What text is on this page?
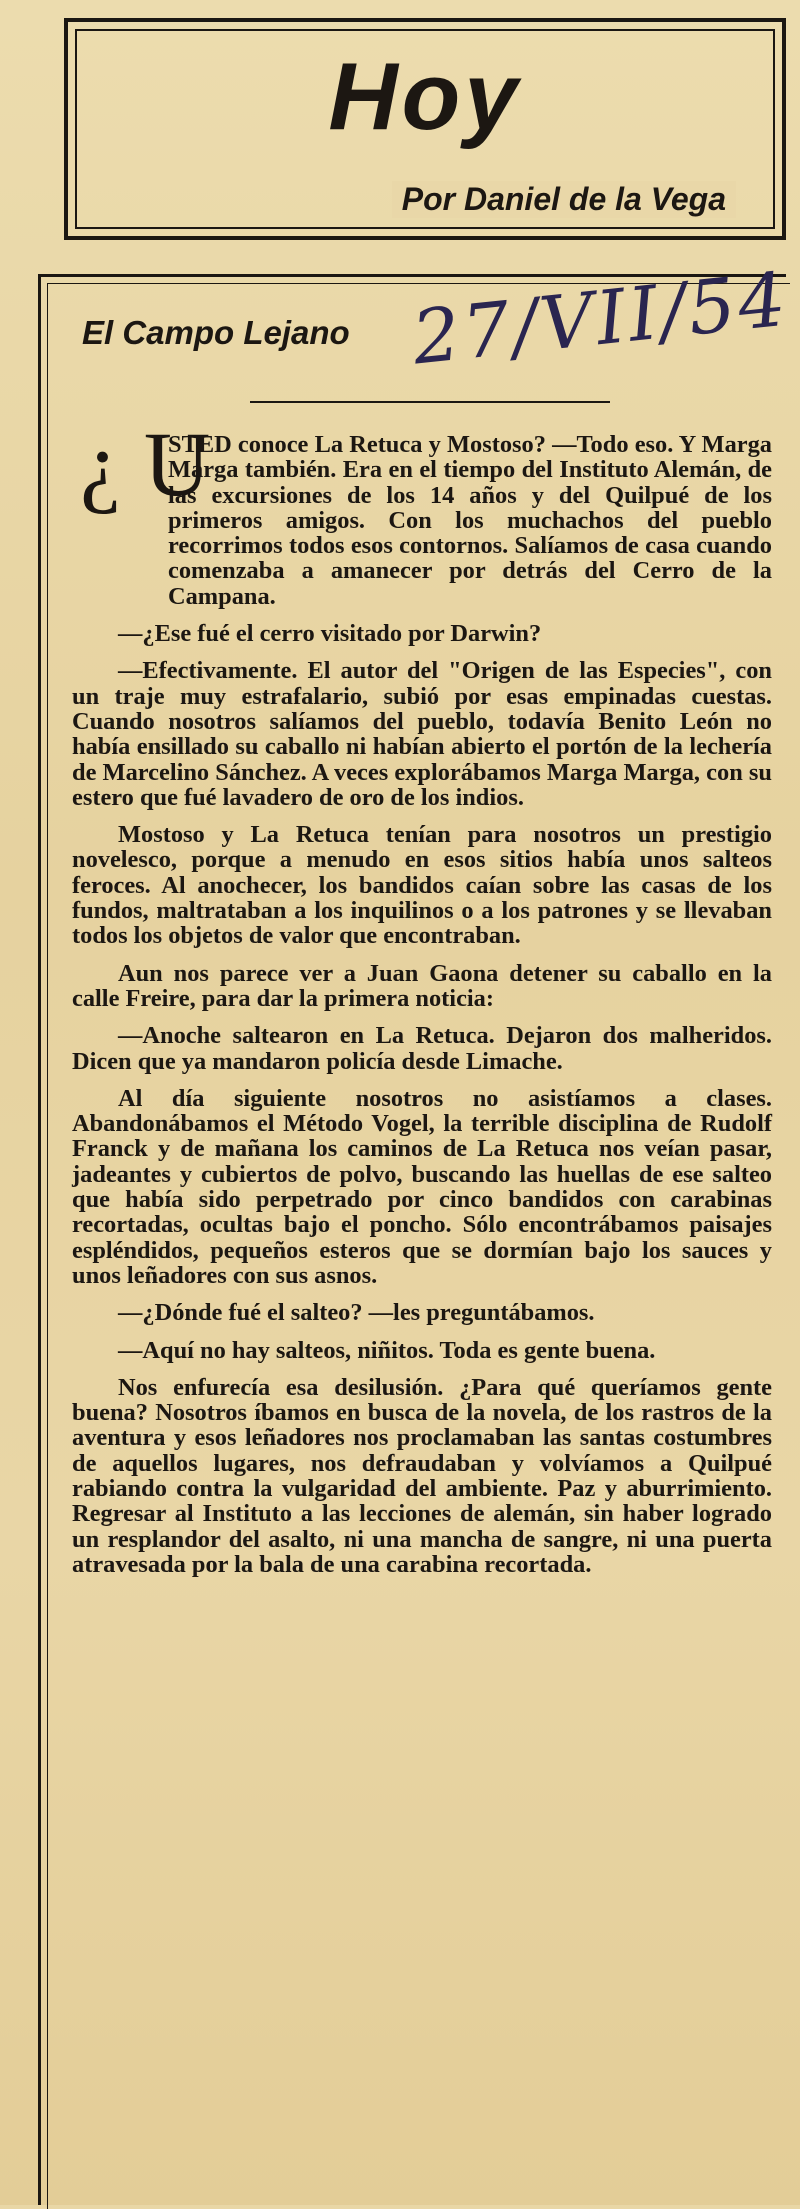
Hoy
Por Daniel de la Vega
El Campo Lejano 27/VII/54
¿ U

STED conoce La Retuca y Mostoso? —Todo eso. Y Marga Marga también. Era en el tiempo del Instituto Alemán, de las excursiones de los 14 años y del Quilpué de los primeros amigos. Con los muchachos del pueblo recorrimos todos esos contornos. Salíamos de casa cuando comenzaba a amanecer por detrás del Cerro de la Campana.

—¿Ese fué el cerro visitado por Darwin?

—Efectivamente. El autor del "Origen de las Especies", con un traje muy estrafalario, subió por esas empinadas cuestas. Cuando nosotros salíamos del pueblo, todavía Benito León no había ensillado su caballo ni habían abierto el portón de la lechería de Marcelino Sánchez. A veces explorábamos Marga Marga, con su estero que fué lavadero de oro de los indios.

Mostoso y La Retuca tenían para nosotros un prestigio novelesco, porque a menudo en esos sitios había unos salteos feroces. Al anochecer, los bandidos caían sobre las casas de los fundos, maltrataban a los inquilinos o a los patrones y se llevaban todos los objetos de valor que encontraban.

Aun nos parece ver a Juan Gaona detener su caballo en la calle Freire, para dar la primera noticia:

—Anoche saltearon en La Retuca. Dejaron dos malheridos. Dicen que ya mandaron policía desde Limache.

Al día siguiente nosotros no asistíamos a clases. Abandonábamos el Método Vogel, la terrible disciplina de Rudolf Franck y de mañana los caminos de La Retuca nos veían pasar, jadeantes y cubiertos de polvo, buscando las huellas de ese salteo que había sido perpetrado por cinco bandidos con carabinas recortadas, ocultas bajo el poncho. Sólo encontrábamos paisajes espléndidos, pequeños esteros que se dormían bajo los sauces y unos leñadores con sus asnos.

—¿Dónde fué el salteo? —les preguntábamos.

—Aquí no hay salteos, niñitos. Toda es gente buena.

Nos enfurecía esa desilusión. ¿Para qué queríamos gente buena? Nosotros íbamos en busca de la novela, de los rastros de la aventura y esos leñadores nos proclamaban las santas costumbres de aquellos lugares, nos defraudaban y volvíamos a Quilpué rabiando contra la vulgaridad del ambiente. Paz y aburrimiento. Regresar al Instituto a las lecciones de alemán, sin haber logrado un resplandor del asalto, ni una mancha de sangre, ni una puerta atravesada por la bala de una carabina recortada.
